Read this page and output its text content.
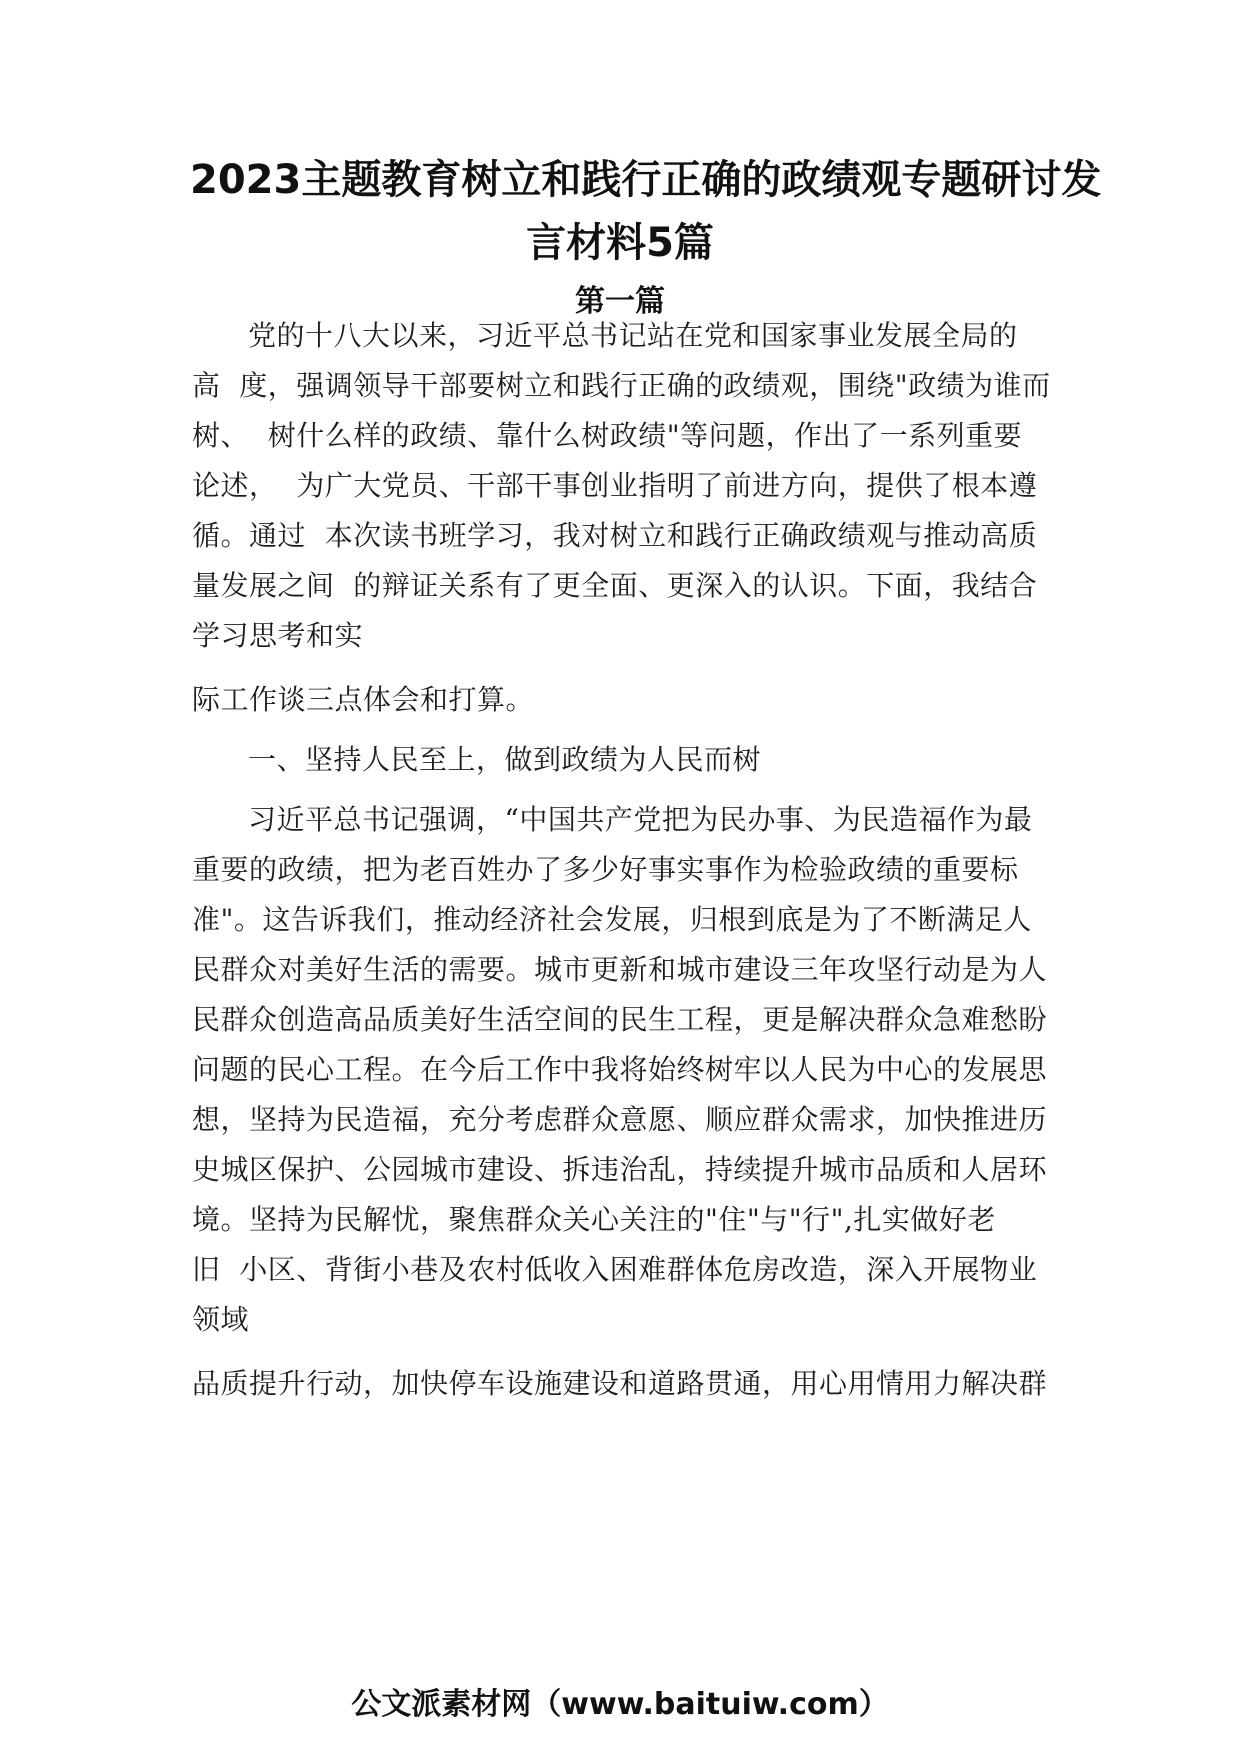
2023主题教育树立和践行正确的政绩观专题研讨发
言材料5篇
第一篇
党的十八大以来，习近平总书记站在党和国家事业发展全局的
高  度，强调领导干部要树立和践行正确的政绩观，围绕"政绩为谁而
树、  树什么样的政绩、靠什么树政绩"等问题，作出了一系列重要
论述，  为广大党员、干部干事创业指明了前进方向，提供了根本遵
循。通过  本次读书班学习，我对树立和践行正确政绩观与推动高质
量发展之间  的辩证关系有了更全面、更深入的认识。下面，我结合
学习思考和实
际工作谈三点体会和打算。
一、坚持人民至上，做到政绩为人民而树
习近平总书记强调，“中国共产党把为民办事、为民造福作为最
重要的政绩，把为老百姓办了多少好事实事作为检验政绩的重要标
准"。这告诉我们，推动经济社会发展，归根到底是为了不断满足人
民群众对美好生活的需要。城市更新和城市建设三年攻坚行动是为人
民群众创造高品质美好生活空间的民生工程，更是解决群众急难愁盼
问题的民心工程。在今后工作中我将始终树牢以人民为中心的发展思
想，坚持为民造福，充分考虑群众意愿、顺应群众需求，加快推进历
史城区保护、公园城市建设、拆违治乱，持续提升城市品质和人居环
境。坚持为民解忧，聚焦群众关心关注的"住"与"行",扎实做好老
旧  小区、背街小巷及农村低收入困难群体危房改造，深入开展物业
领域
品质提升行动，加快停车设施建设和道路贯通，用心用情用力解决群
公文派素材网（www.baituiw.com）
